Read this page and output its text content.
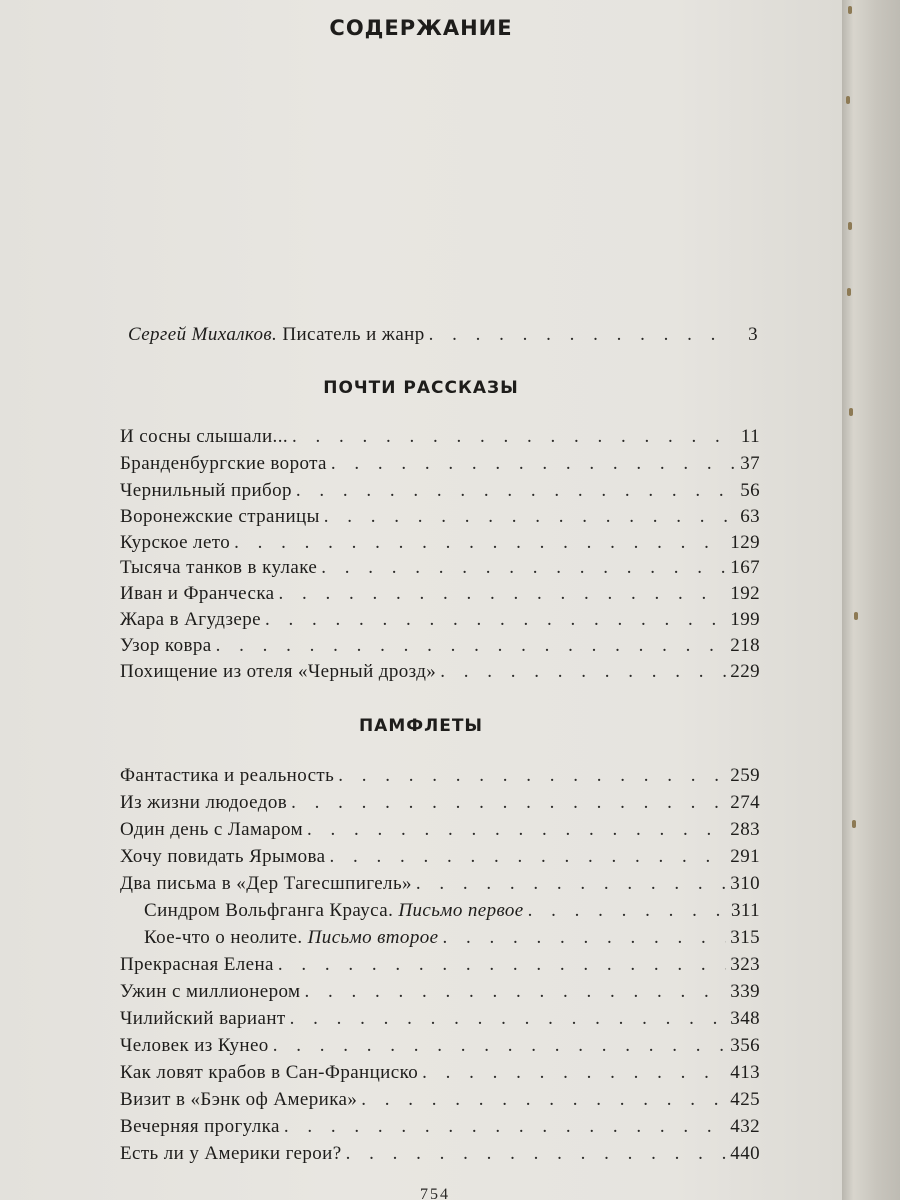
СОДЕРЖАНИЕ
Сергей Михалков. Писатель и жанр . . .	3
ПОЧТИ РАССКАЗЫ
И сосны слышали... . . .	11
Бранденбургские ворота . . .	37
Чернильный прибор . . .	56
Воронежские страницы . . .	63
Курское лето . . .	129
Тысяча танков в кулаке . . .	167
Иван и Франческа . . .	192
Жара в Агудзере . . .	199
Узор ковра . . .	218
Похищение из отеля «Черный дрозд» . . .	229
ПАМФЛЕТЫ
Фантастика и реальность . . .	259
Из жизни людоедов . . .	274
Один день с Ламаром . . .	283
Хочу повидать Ярымова . . .	291
Два письма в «Дер Тагесшпигель» . . .	310
Синдром Вольфганга Крауса. Письмо первое . . .	311
Кое-что о неолите. Письмо второе . . .	315
Прекрасная Елена . . .	323
Ужин с миллионером . . .	339
Чилийский вариант . . .	348
Человек из Кунео . . .	356
Как ловят крабов в Сан-Франциско . . .	413
Визит в «Бэнк оф Америка» . . .	425
Вечерняя прогулка . . .	432
Есть ли у Америки герои? . . .	440
754
